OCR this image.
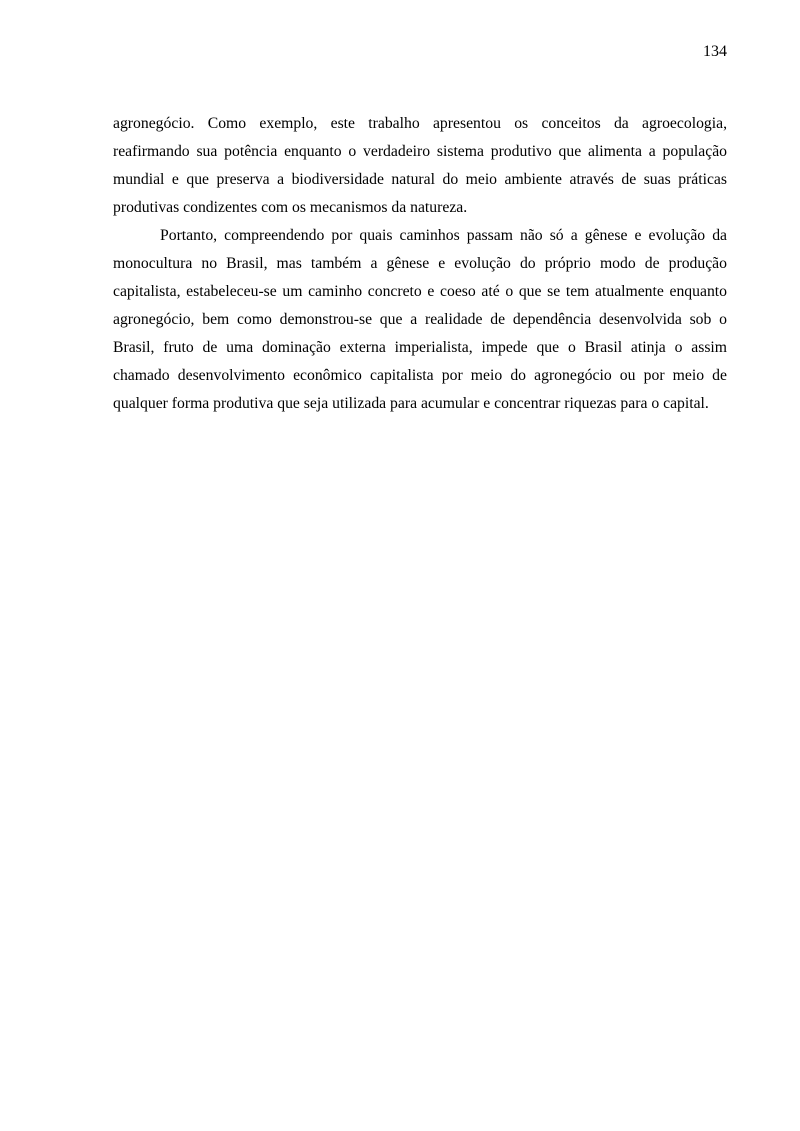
134

agronegócio. Como exemplo, este trabalho apresentou os conceitos da agroecologia,
reafirmando sua potência enquanto o verdadeiro sistema produtivo que alimenta a população
mundial e que preserva a biodiversidade natural do meio ambiente através de suas práticas
produtivas condizentes com os mecanismos da natureza.

Portanto, compreendendo por quais caminhos passam não só a gênese e evolução da
monocultura no Brasil, mas também a gênese e evolução do próprio modo de produção
capitalista, estabeleceu-se um caminho concreto e coeso até o que se tem atualmente enquanto
agronegócio, bem como demonstrou-se que a realidade de dependência desenvolvida sob o
Brasil, fruto de uma dominação externa imperialista, impede que o Brasil atinja o assim
chamado desenvolvimento econômico capitalista por meio do agronegócio ou por meio de
qualquer forma produtiva que seja utilizada para acumular e concentrar riquezas para o capital.
